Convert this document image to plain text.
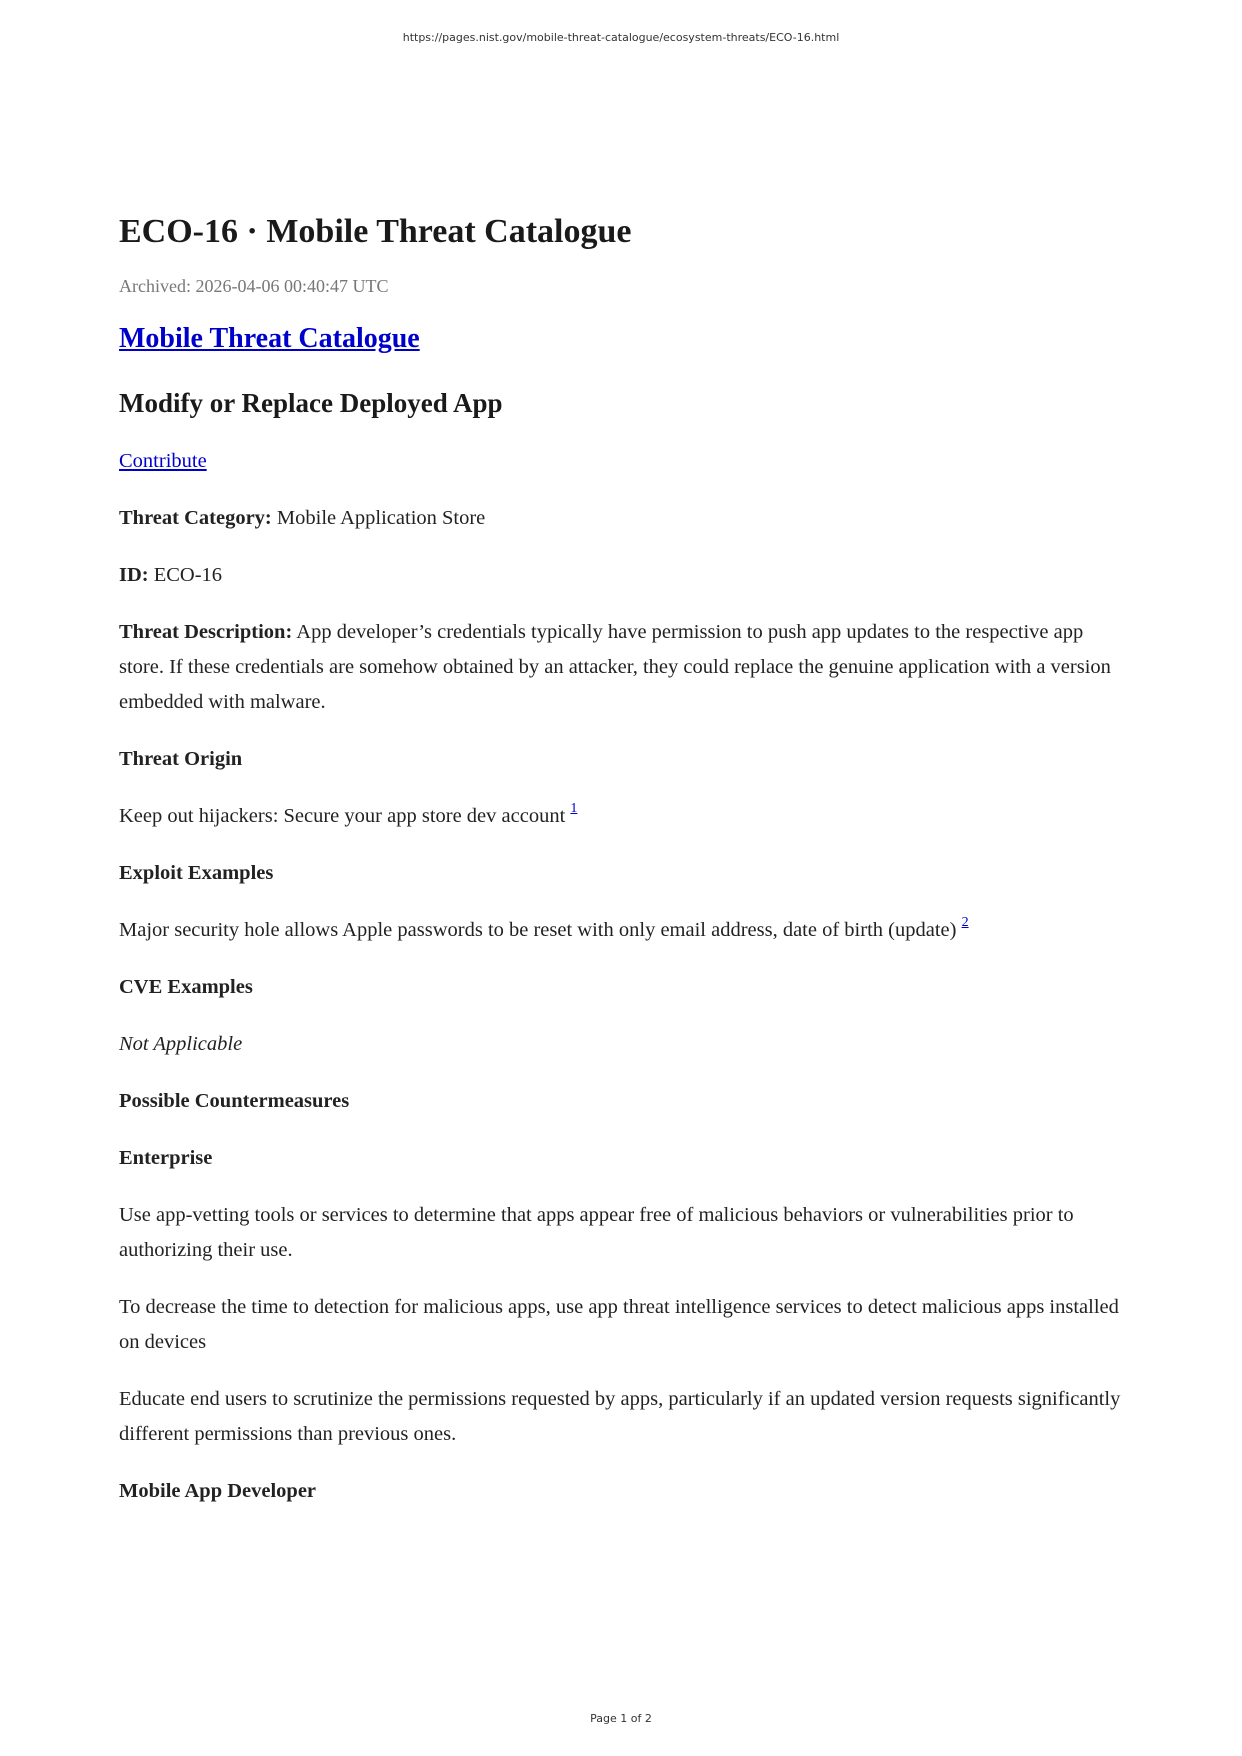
https://pages.nist.gov/mobile-threat-catalogue/ecosystem-threats/ECO-16.html
ECO-16 · Mobile Threat Catalogue
Archived: 2026-04-06 00:40:47 UTC
Mobile Threat Catalogue
Modify or Replace Deployed App

Contribute

Threat Category: Mobile Application Store

ID: ECO-16

Threat Description: App developer’s credentials typically have permission to push app updates to the respective app store. If these credentials are somehow obtained by an attacker, they could replace the genuine application with a version embedded with malware.

Threat Origin

Keep out hijackers: Secure your app store dev account $^1$

Exploit Examples

Major security hole allows Apple passwords to be reset with only email address, date of birth (update) $^2$

CVE Examples

Not Applicable

Possible Countermeasures
Enterprise

Use app-vetting tools or services to determine that apps appear free of malicious behaviors or vulnerabilities prior to authorizing their use.

To decrease the time to detection for malicious apps, use app threat intelligence services to detect malicious apps installed on devices

Educate end users to scrutinize the permissions requested by apps, particularly if an updated version requests significantly different permissions than previous ones.

Mobile App Developer
Page 1 of 2
